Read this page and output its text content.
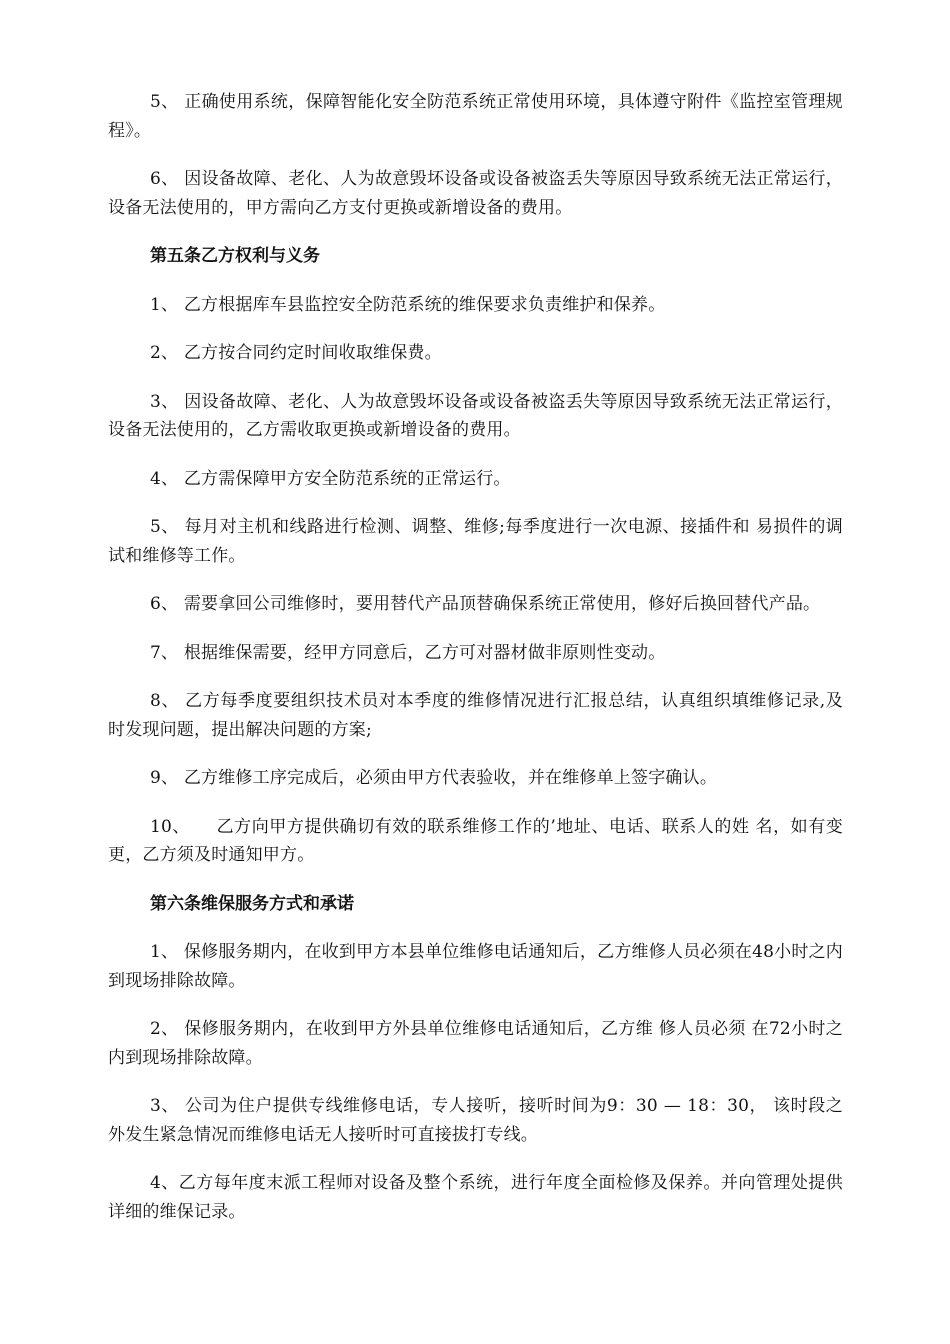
5、 正确使用系统，保障智能化安全防范系统正常使用环境，具体遵守附件《监控室管理规程》。

6、 因设备故障、老化、人为故意毁坏设备或设备被盗丢失等原因导致系统无法正常运行，设备无法使用的，甲方需向乙方支付更换或新增设备的费用。

第五条乙方权利与义务

1、 乙方根据库车县监控安全防范系统的维保要求负责维护和保养。

2、 乙方按合同约定时间收取维保费。

3、 因设备故障、老化、人为故意毁坏设备或设备被盗丢失等原因导致系统无法正常运行，设备无法使用的，乙方需收取更换或新增设备的费用。

4、 乙方需保障甲方安全防范系统的正常运行。

5、 每月对主机和线路进行检测、调整、维修;每季度进行一次电源、接插件和 易损件的调试和维修等工作。

6、 需要拿回公司维修时，要用替代产品顶替确保系统正常使用，修好后换回替代产品。

7、 根据维保需要，经甲方同意后，乙方可对器材做非原则性变动。

8、 乙方每季度要组织技术员对本季度的维修情况进行汇报总结，认真组织填维修记录,及时发现问题，提出解决问题的方案;

9、 乙方维修工序完成后，必须由甲方代表验收，并在维修单上签字确认。

10、　　乙方向甲方提供确切有效的联系维修工作的’地址、电话、联系人的姓 名，如有变更，乙方须及时通知甲方。

第六条维保服务方式和承诺

1、 保修服务期内，在收到甲方本县单位维修电话通知后，乙方维修人员必须在48小时之内到现场排除故障。

2、 保修服务期内，在收到甲方外县单位维修电话通知后，乙方维 修人员必须 在72小时之内到现场排除故障。

3、 公司为住户提供专线维修电话，专人接听，接听时间为9：30 — 18：30， 该时段之外发生紧急情况而维修电话无人接听时可直接拔打专线。

4、乙方每年度末派工程师对设备及整个系统，进行年度全面检修及保养。并向管理处提供详细的维保记录。
